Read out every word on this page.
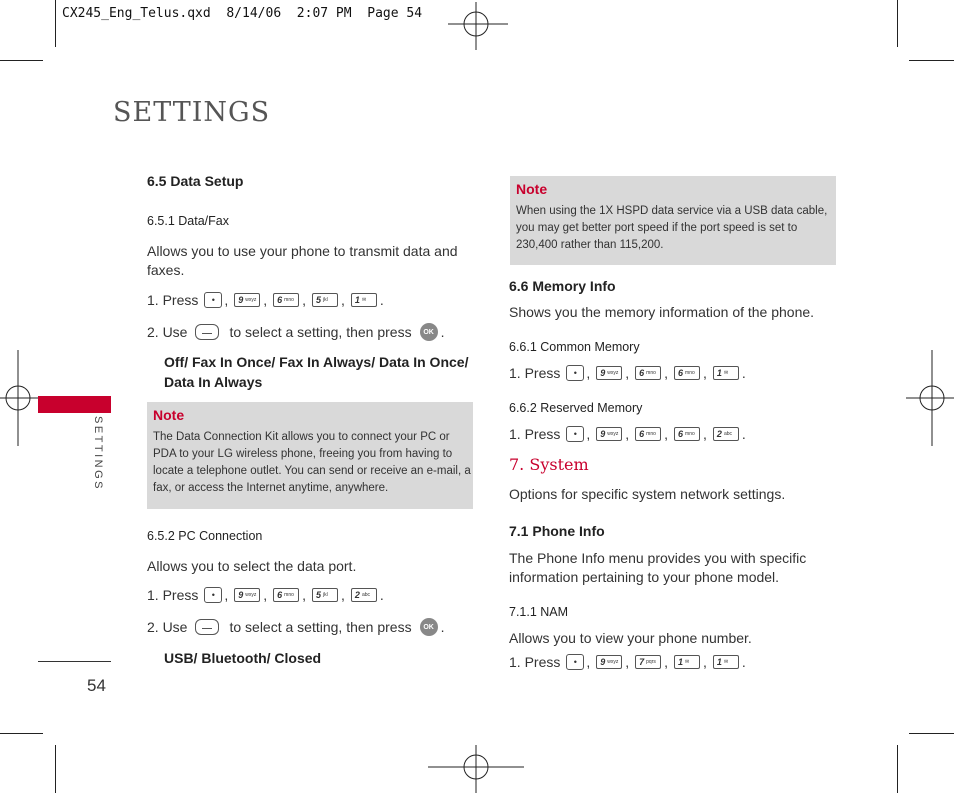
CX245_Eng_Telus.qxd  8/14/06  2:07 PM  Page 54
SETTINGS
SETTINGS
54
6.5 Data Setup
6.5.1 Data/Fax

Allows you to use your phone to transmit data and faxes.

1. Press	• , 9 wxyz , 6 mno , 5 jkl , 1 ✉ .
2. Use	to select a setting, then press	OK .
Off/ Fax In Once/ Fax In Always/ Data In Once/ Data In Always
Note
The Data Connection Kit allows you to connect your PC or PDA to your LG wireless phone, freeing you from having to locate a telephone outlet. You can send or receive an e-mail, a fax, or access the Internet anytime, anywhere.
6.5.2 PC Connection

Allows you to select the data port.

1. Press	• , 9 wxyz , 6 mno , 5 jkl , 2 abc .
2. Use	to select a setting, then press	OK .
USB/ Bluetooth/ Closed
Note
When using the 1X HSPD data service via a USB data cable, you may get better port speed if the port speed is set to 230,400 rather than 115,200.
6.6 Memory Info

Shows you the memory information of the phone.

6.6.1 Common Memory
1. Press	• , 9 wxyz , 6 mno , 6 mno , 1 ✉ .
6.6.2 Reserved Memory
1. Press	• , 9 wxyz , 6 mno , 6 mno , 2 abc .
7. System

Options for specific system network settings.

7.1 Phone Info

The Phone Info menu provides you with specific information pertaining to your phone model.

7.1.1 NAM

Allows you to view your phone number.

1. Press	• , 9 wxyz , 7 pqrs , 1 ✉ , 1 ✉ .
